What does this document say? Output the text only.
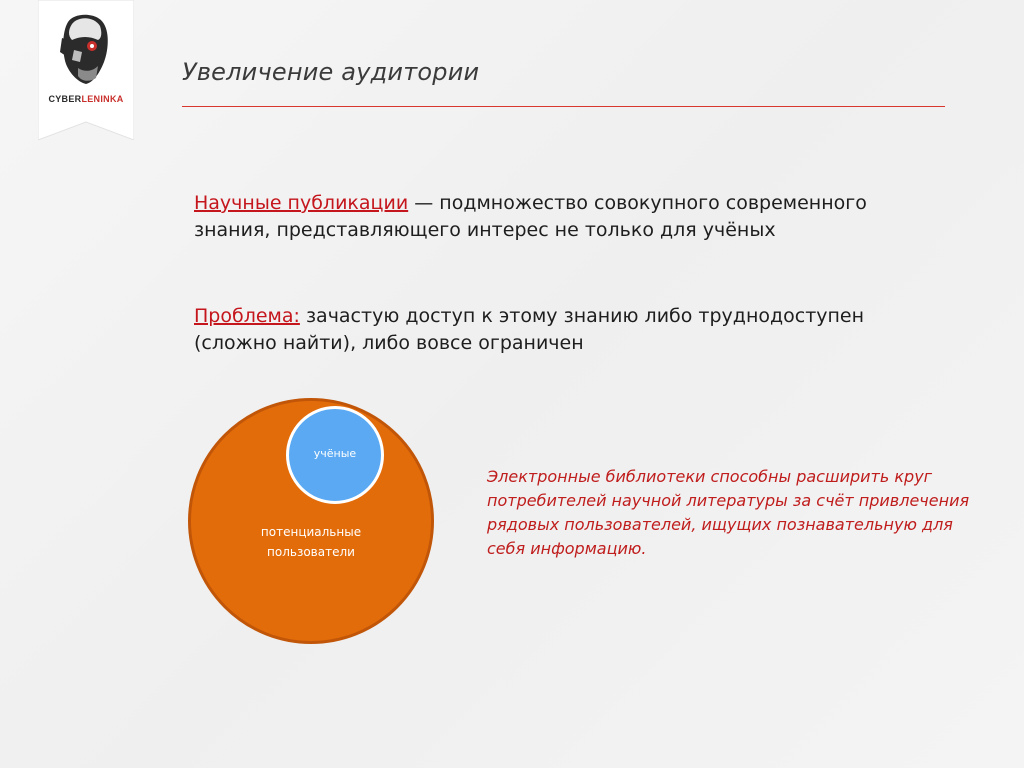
CYBERLENINKA
Увеличение аудитории

Научные публикации — подмножество совокупного современного знания, представляющего интерес не только для учёных

Проблема: зачастую доступ к этому знанию либо труднодоступен (сложно найти), либо вовсе ограничен

потенциальные пользователи
учёные

Электронные библиотеки способны расширить круг потребителей научной литературы за счёт привлечения рядовых пользователей, ищущих познавательную для себя информацию.
